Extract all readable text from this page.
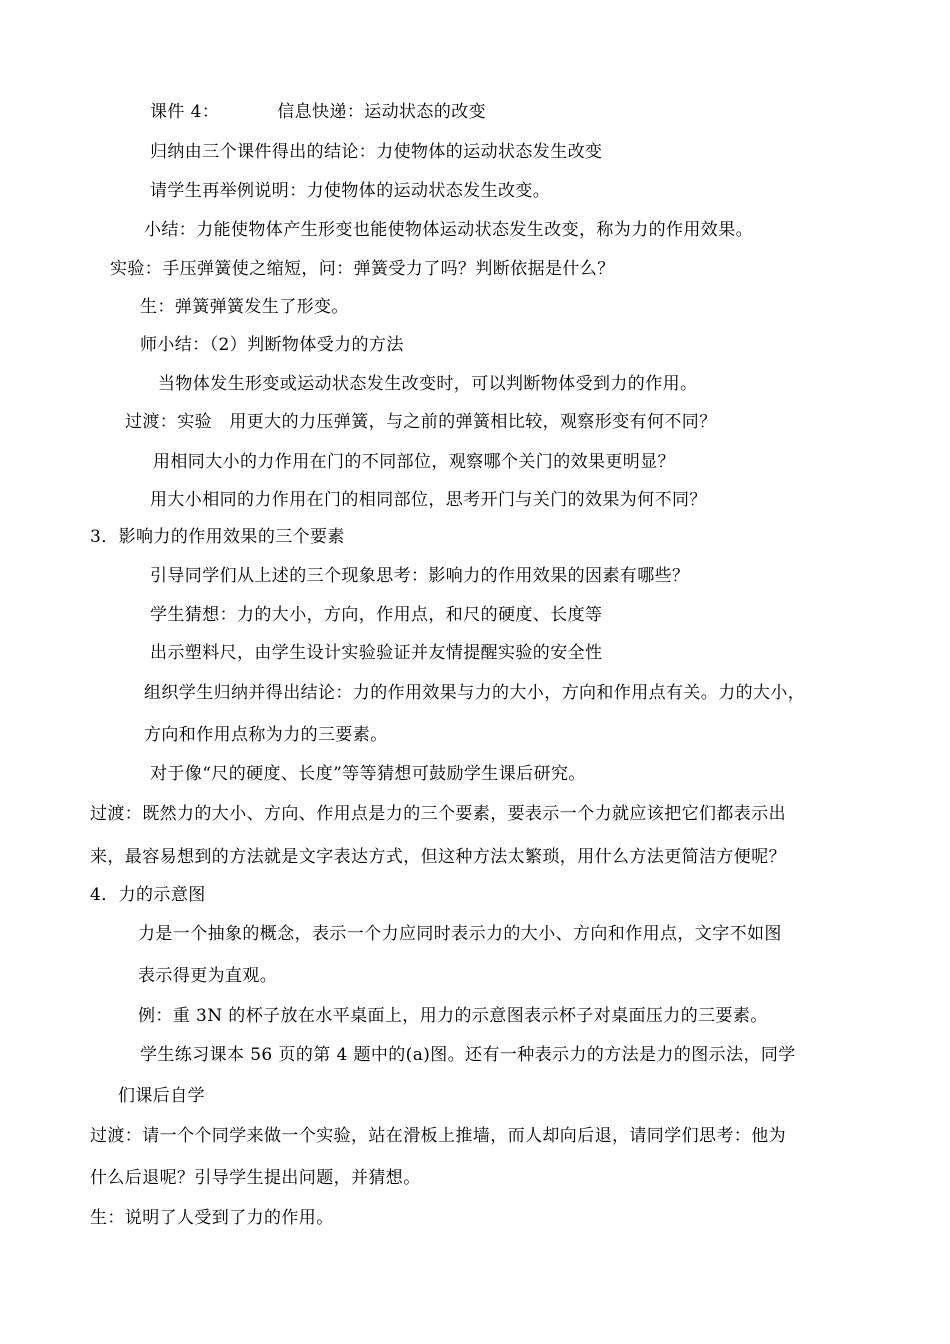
课件 4：	信息快递：运动状态的改变
归纳由三个课件得出的结论：力使物体的运动状态发生改变
请学生再举例说明：力使物体的运动状态发生改变。
小结：力能使物体产生形变也能使物体运动状态发生改变，称为力的作用效果。
实验：手压弹簧使之缩短，问：弹簧受力了吗？判断依据是什么？
生：弹簧弹簧发生了形变。
师小结：（2）判断物体受力的方法
当物体发生形变或运动状态发生改变时，可以判断物体受到力的作用。
过渡：实验　用更大的力压弹簧，与之前的弹簧相比较，观察形变有何不同？
用相同大小的力作用在门的不同部位，观察哪个关门的效果更明显？
用大小相同的力作用在门的相同部位，思考开门与关门的效果为何不同？
3．影响力的作用效果的三个要素
引导同学们从上述的三个现象思考：影响力的作用效果的因素有哪些？
学生猜想：力的大小，方向，作用点，和尺的硬度、长度等
出示塑料尺，由学生设计实验验证并友情提醒实验的安全性
组织学生归纳并得出结论：力的作用效果与力的大小，方向和作用点有关。力的大小，
方向和作用点称为力的三要素。
对于像“尺的硬度、长度”等等猜想可鼓励学生课后研究。
过渡：既然力的大小、方向、作用点是力的三个要素，要表示一个力就应该把它们都表示出
来，最容易想到的方法就是文字表达方式，但这种方法太繁琐，用什么方法更简洁方便呢？
4．力的示意图
力是一个抽象的概念，表示一个力应同时表示力的大小、方向和作用点，文字不如图
表示得更为直观。
例：重 3N 的杯子放在水平桌面上，用力的示意图表示杯子对桌面压力的三要素。
学生练习课本 56 页的第 4 题中的(a)图。还有一种表示力的方法是力的图示法，同学
们课后自学
过渡：请一个个同学来做一个实验，站在滑板上推墙，而人却向后退，请同学们思考：他为
什么后退呢？引导学生提出问题，并猜想。
生：说明了人受到了力的作用。
